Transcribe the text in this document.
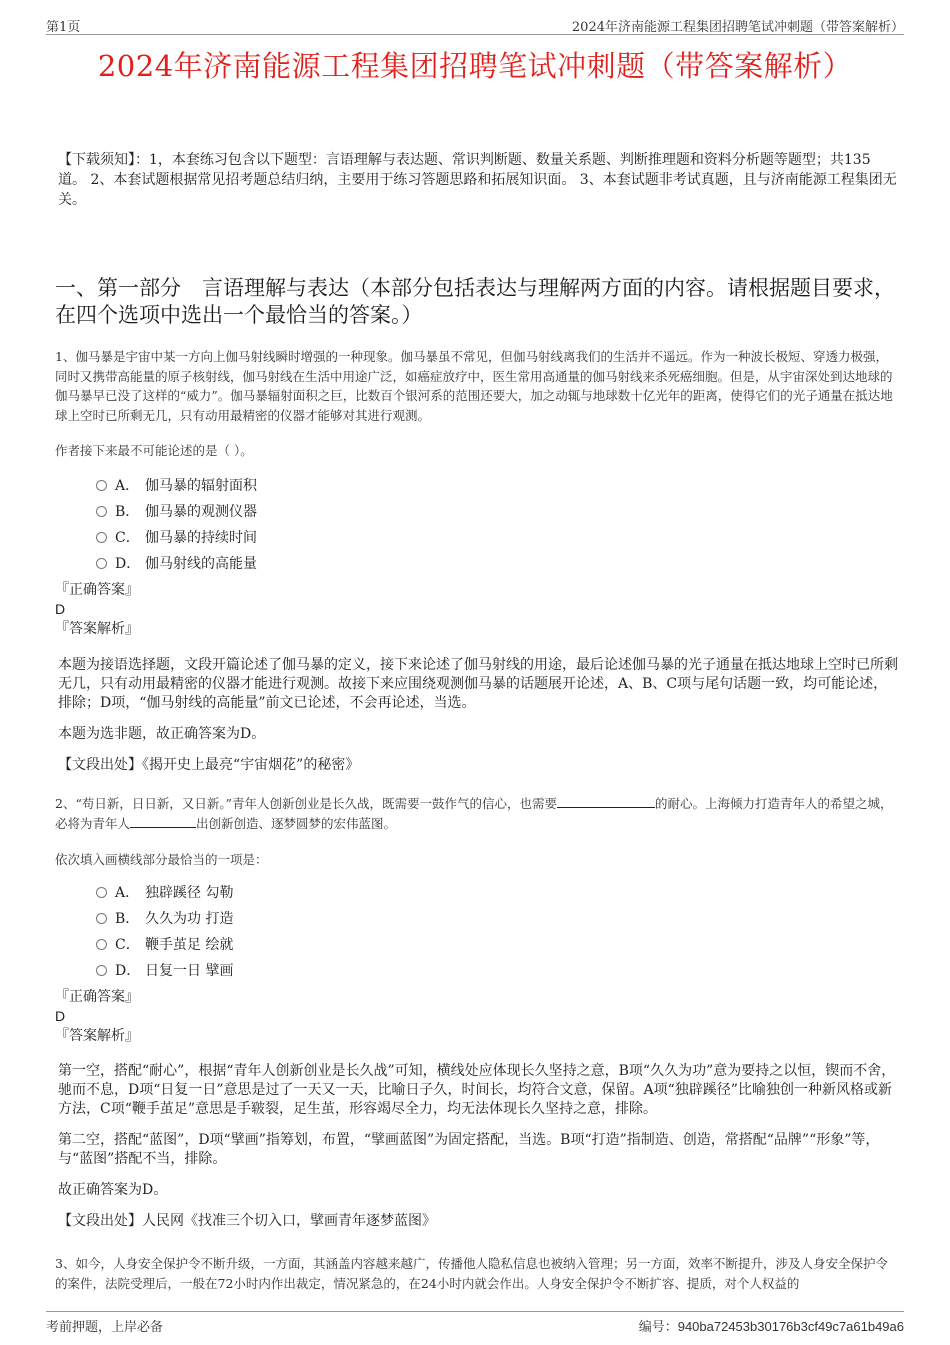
第1页	2024年济南能源工程集团招聘笔试冲刺题（带答案解析）
2024年济南能源工程集团招聘笔试冲刺题（带答案解析）
【下载须知】：1，本套练习包含以下题型：言语理解与表达题、常识判断题、数量关系题、判断推理题和资料分析题等题型；共135道。 2、本套试题根据常见招考题总结归纳，主要用于练习答题思路和拓展知识面。 3、本套试题非考试真题，且与济南能源工程集团无关。
一、第一部分　言语理解与表达（本部分包括表达与理解两方面的内容。请根据题目要求，在四个选项中选出一个最恰当的答案。）

1、伽马暴是宇宙中某一方向上伽马射线瞬时增强的一种现象。伽马暴虽不常见，但伽马射线离我们的生活并不遥远。作为一种波长极短、穿透力极强，同时又携带高能量的原子核射线，伽马射线在生活中用途广泛，如癌症放疗中，医生常用高通量的伽马射线来杀死癌细胞。但是，从宇宙深处到达地球的伽马暴早已没了这样的“威力”。伽马暴辐射面积之巨，比数百个银河系的范围还要大，加之动辄与地球数十亿光年的距离，使得它们的光子通量在抵达地球上空时已所剩无几，只有动用最精密的仪器才能够对其进行观测。

作者接下来最不可能论述的是（ ）。

A． 伽马暴的辐射面积
B． 伽马暴的观测仪器
C． 伽马暴的持续时间
D． 伽马射线的高能量
『正确答案』
D
『答案解析』

本题为接语选择题，文段开篇论述了伽马暴的定义，接下来论述了伽马射线的用途，最后论述伽马暴的光子通量在抵达地球上空时已所剩无几，只有动用最精密的仪器才能进行观测。故接下来应围绕观测伽马暴的话题展开论述，A、B、C项与尾句话题一致，均可能论述，排除；D项，“伽马射线的高能量”前文已论述，不会再论述，当选。

本题为选非题，故正确答案为D。

【文段出处】《揭开史上最亮“宇宙烟花”的秘密》

2、“苟日新，日日新，又日新。”青年人创新创业是长久战，既需要一鼓作气的信心，也需要	的耐心。上海倾力打造青年人的希望之城，必将为青年人	出创新创造、逐梦圆梦的宏伟蓝图。

依次填入画横线部分最恰当的一项是：

A． 独辟蹊径 勾勒
B． 久久为功 打造
C． 鞭手茧足 绘就
D． 日复一日 擘画
『正确答案』
D
『答案解析』

第一空，搭配“耐心”，根据“青年人创新创业是长久战”可知，横线处应体现长久坚持之意，B项“久久为功”意为要持之以恒，锲而不舍，驰而不息，D项“日复一日”意思是过了一天又一天，比喻日子久，时间长，均符合文意，保留。A项“独辟蹊径”比喻独创一种新风格或新方法，C项“鞭手茧足”意思是手皲裂，足生茧，形容竭尽全力，均无法体现长久坚持之意，排除。

第二空，搭配“蓝图”，D项“擘画”指筹划，布置，“擘画蓝图”为固定搭配，当选。B项“打造”指制造、创造，常搭配“品牌”“形象”等，与“蓝图”搭配不当，排除。

故正确答案为D。

【文段出处】人民网《找准三个切入口，擘画青年逐梦蓝图》

3、如今，人身安全保护令不断升级，一方面，其涵盖内容越来越广，传播他人隐私信息也被纳入管理；另一方面，效率不断提升，涉及人身安全保护令的案件，法院受理后，一般在72小时内作出裁定，情况紧急的，在24小时内就会作出。人身安全保护令不断扩容、提质，对个人权益的

考前押题，上岸必备	编号：940ba72453b30176b3cf49c7a61b49a6
